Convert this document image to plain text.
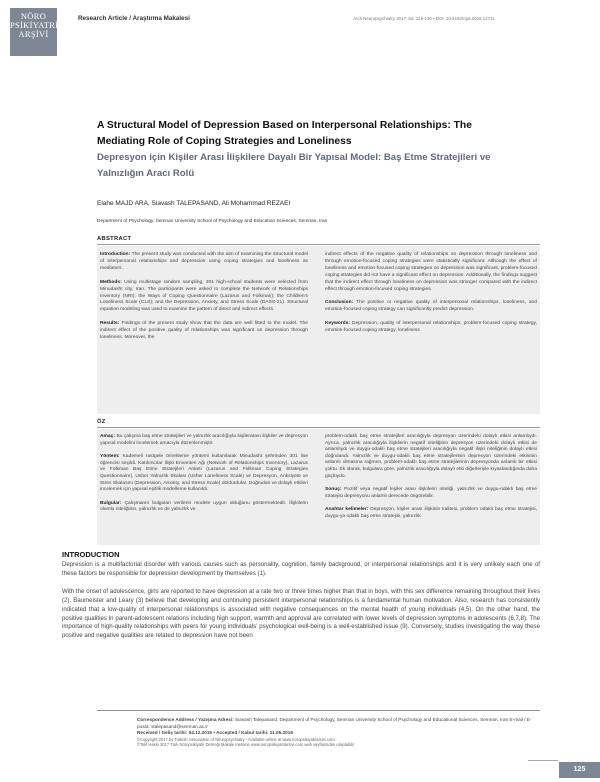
NÖRO
PSİKİYATRİ
ARŞİVİ
Research Article / Araştırma Makalesi	Arch Neuropsychiatry 2017; 54: 125-130 • DOI: 10.5152/npa.2016.12711
A Structural Model of Depression Based on Interpersonal Relationships: The Mediating Role of Coping Strategies and Loneliness
Depresyon için Kişiler Arası İlişkilere Dayalı Bir Yapısal Model: Baş Etme Stratejileri ve Yalnızlığın Aracı Rolü
Elahe MAJD ARA, Siavash TALEPASAND, Ali Mohammad REZAEI
Department of Psychology, Semnan University School of Psychology and Education Sciences, Semnan, Iran
ABSTRACT

Introduction: The present study was conducted with the aim of examining the structural model of interpersonal relationships and depression using coping strategies and loneliness as mediators.

Methods: Using multistage random sampling, 301 high-school students were selected from Minudasht city, Iran. The participants were asked to complete the Network of Relationships Inventory (NRI); the Ways of Coping Questionnaire (Lazarus and Folkman); the Children's Loneliness Scale (CLS); and the Depression, Anxiety, and Stress Scale (DASS-21). Structural equation modeling was used to examine the pattern of direct and indirect effects.

Results: Findings of the present study show that the data are well fitted to the model. The indirect effect of the positive quality of relationships was significant on depression through loneliness. Moreover, the

indirect effects of the negative quality of relationships on depression through loneliness and through emotion-focused coping strategies were statistically significant. Although the effect of loneliness and emotion-focused coping strategies on depression was significant, problem-focused coping strategies did not have a significant effect on depression. Additionally, the findings suggest that the indirect effect through loneliness on depression was stronger compared with the indirect effect through emotion-focused coping strategies.

Conclusion: The positive or negative quality of interpersonal relationships, loneliness, and emotion-focused coping strategy can significantly predict depression.

Keywords: Depression, quality of interpersonal relationships, problem-focused coping strategy, emotion-focused coping strategy, loneliness

ÖZ

Amaç: Bu çalışma baş etme stratejileri ve yalnızlık aracılığıyla kişilerarası ilişkiler ve depresyon yapısal modelini incelemek amacıyla düzenlenmiştir.

Yöntem: Kademeli rastgele örnekleme yöntemi kullanılarak Minudasht şehrinden 301 lise öğrencisi seçildi. Katılımcılar İlişki Envanteri Ağı (Network of Relationships Inventory), Lazarus ve Folkman Baş Etme Stratejileri Anketi (Lazarus and Folkman Coping Strategies Questionnaire), Usher Yalnızlık Skalası (Usher Loneliness Scale) ve Depresyon, Anksiyete ve Stres Skalasını (Depression, Anxiety, and Stress Scale) doldurdular. Doğrudan ve dolaylı etkileri incelemek için yapısal eşitlik modelleme kullanıldı.

Bulgular: Çalışmanın bulguları verilerin modele uygun olduğunu göstermektedir. İlişkilerin olumlu niteliğinin, yalnızlık ve de yalnızlık ve

problem-odaklı baş etme stratejileri aracılığıyla depresyon üzerindeki dolaylı etkisi anlamlıydı. Ayrıca, yalnızlık aracılığıyla ilişkilerin negatif niteliğinin depresyon üzerindeki dolaylı etkisi de anlamlıydı ve duygu-odaklı baş etme stratejileri aracılığıyla negatif ilişki niteliğinin dolaylı etkisi doğrulandı. Yalnızlık ve duygu-odaklı baş etme stratejilerinin depresyon üzerindeki etkisinin anlamlı olmasına rağmen, problem-odaklı baş etme stratejilerinin depresyonda anlamlı bir etkisi yoktu. Ek olarak, bulgulara göre, yalnızlık aracılığıyla dolaylı etki diğerleriyle kıyaslandığında daha güçlüydü.

Sonuç: Pozitif veya negatif kişiler arası ilişkilerin niteliği, yalnızlık ve duygu-odaklı baş etme stratejisi depresyonu anlamlı derecede öngörebilir.

Anahtar kelimeler: Depresyon, kişiler arası ilişkinin kalitesi, problem odaklı baş etme stratejisi, duygu-ya odaklı baş etme stratejisi, yalnızlık

INTRODUCTION

Depression is a multifactorial disorder with various causes such as personality, cognition, family background, or interpersonal relationships and it is very unlikely each one of these factors be responsible for depression development by themselves (1).

With the onset of adolescence, girls are reported to have depression at a rate two or three times higher than that in boys, with this sex difference remaining throughout their lives (2). Baumeister and Leary (3) believe that developing and continuing persistent interpersonal relationships is a fundamental human motivation. Also, research has consistently indicated that a low-quality of interpersonal relationships is associated with negative consequences on the mental health of young individuals (4,5). On the other hand, the positive qualities in parent-adolescent relations including high support, warmth and approval are correlated with lower levels of depression symptoms in adolescents (6,7,8). The importance of high-quality relationships with peers for young individuals' psychological well-being is a well-established issue (9). Conversely, studies investigating the way these positive and negative qualities are related to depression have not been

Correspondence Address / Yazışma Adresi: Siavash Talepasand, Department of Psychology, Semnan University School of Psychology and Educational Sciences, Semnan, Iran E-mail / E-posta: stalepasand@semnan.ac.ir
Received / Geliş tarihi: 04.12.2015 • Accepted / Kabul tarihi: 11.05.2016
©Copyright 2017 by Turkish Association of Neuropsychiatry - Available online at www.noropsikiyatriarsivi.com
©Telif Hakkı 2017 Türk Nöropsikiyatri Derneği Makale metnine www.noropsikiyatriarsivi.com web sayfasından ulaşılabilir
125
